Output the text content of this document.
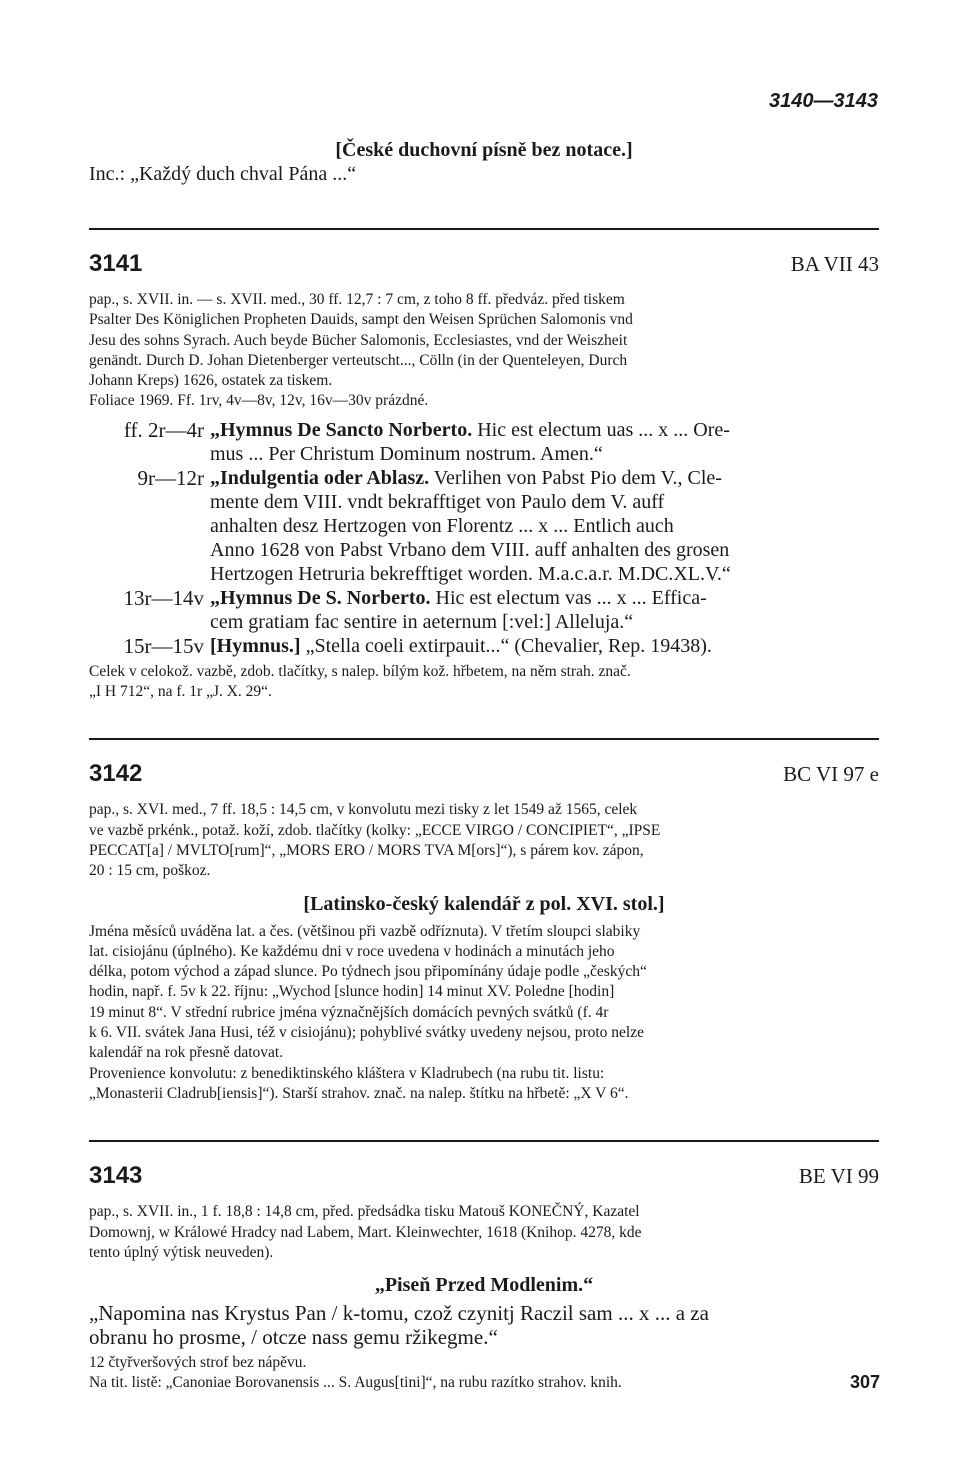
3140—3143
[České duchovní písně bez notace.]
Inc.: „Každý duch chval Pána ...“
3141	BA VII 43
pap., s. XVII. in. — s. XVII. med., 30 ff. 12,7 : 7 cm, z toho 8 ff. předváz. před tiskem
Psalter Des Königlichen Propheten Dauids, sampt den Weisen Sprüchen Salomonis vnd
Jesu des sohns Syrach. Auch beyde Bücher Salomonis, Ecclesiastes, vnd der Weiszheit
genändt. Durch D. Johan Dietenberger verteutscht..., Cölln (in der Quenteleyen, Durch
Johann Kreps) 1626, ostatek za tiskem.
Foliace 1969. Ff. 1rv, 4v—8v, 12v, 16v—30v prázdné.
ff. 2r—4r „Hymnus De Sancto Norberto. Hic est electum uas ... x ... Ore-
mus ... Per Christum Dominum nostrum. Amen.“
9r—12r „Indulgentia oder Ablasz. Verlihen von Pabst Pio dem V., Cle-
mente dem VIII. vndt bekrafftiget von Paulo dem V. auff
anhalten desz Hertzogen von Florentz ... x ... Entlich auch
Anno 1628 von Pabst Vrbano dem VIII. auff anhalten des grosen
Hertzogen Hetruria bekrefftiget worden. M.a.c.a.r. M.DC.XL.V.“
13r—14v „Hymnus De S. Norberto. Hic est electum vas ... x ... Effica-
cem gratiam fac sentire in aeternum [:vel:] Alleluja.“
15r—15v [Hymnus.] „Stella coeli extirpauit...“ (Chevalier, Rep. 19438).
Celek v celokož. vazbě, zdob. tlačítky, s nalep. bílým kož. hřbetem, na něm strah. znač.
„I H 712“, na f. 1r „J. X. 29“.
3142	BC VI 97 e
pap., s. XVI. med., 7 ff. 18,5 : 14,5 cm, v konvolutu mezi tisky z let 1549 až 1565, celek
ve vazbě prkénk., potaž. koží, zdob. tlačítky (kolky: „ECCE VIRGO / CONCIPIET“, „IPSE
PECCAT[a] / MVLTO[rum]“, „MORS ERO / MORS TVA M[ors]“), s párem kov. zápon,
20 : 15 cm, poškoz.
[Latinsko-český kalendář z pol. XVI. stol.]
Jména měsíců uváděna lat. a čes. (většinou při vazbě odříznuta). V třetím sloupci slabiky
lat. cisiojánu (úplného). Ke každému dni v roce uvedena v hodinách a minutách jeho
délka, potom východ a západ slunce. Po týdnech jsou připomínány údaje podle „českých“
hodin, např. f. 5v k 22. říjnu: „Wychod [slunce hodin] 14 minut XV. Poledne [hodin]
19 minut 8“. V střední rubrice jména význačnějších domácích pevných svátků (f. 4r
k 6. VII. svátek Jana Husi, též v cisiojánu); pohyblivé svátky uvedeny nejsou, proto nelze
kalendář na rok přesně datovat.
Provenience konvolutu: z benediktinského kláštera v Kladrubech (na rubu tit. listu:
„Monasterii Cladrub[iensis]“). Starší strahov. znač. na nalep. štítku na hřbetě: „X V 6“.
3143	BE VI 99
pap., s. XVII. in., 1 f. 18,8 : 14,8 cm, před. předsádka tisku Matouš KONEČNÝ, Kazatel
Domownj, w Králowé Hradcy nad Labem, Mart. Kleinwechter, 1618 (Knihop. 4278, kde
tento úplný výtisk neuveden).
„Piseň Przed Modlenim.“
„Napomina nas Krystus Pan / k-tomu, czož czynitj Raczil sam ... x ... a za
obranu ho prosme, / otcze nass gemu ržikegme.“
12 čtyřveršových strof bez nápěvu.
Na tit. listě: „Canoniae Borovanensis ... S. Augus[tini]“, na rubu razítko strahov. knih.	307
